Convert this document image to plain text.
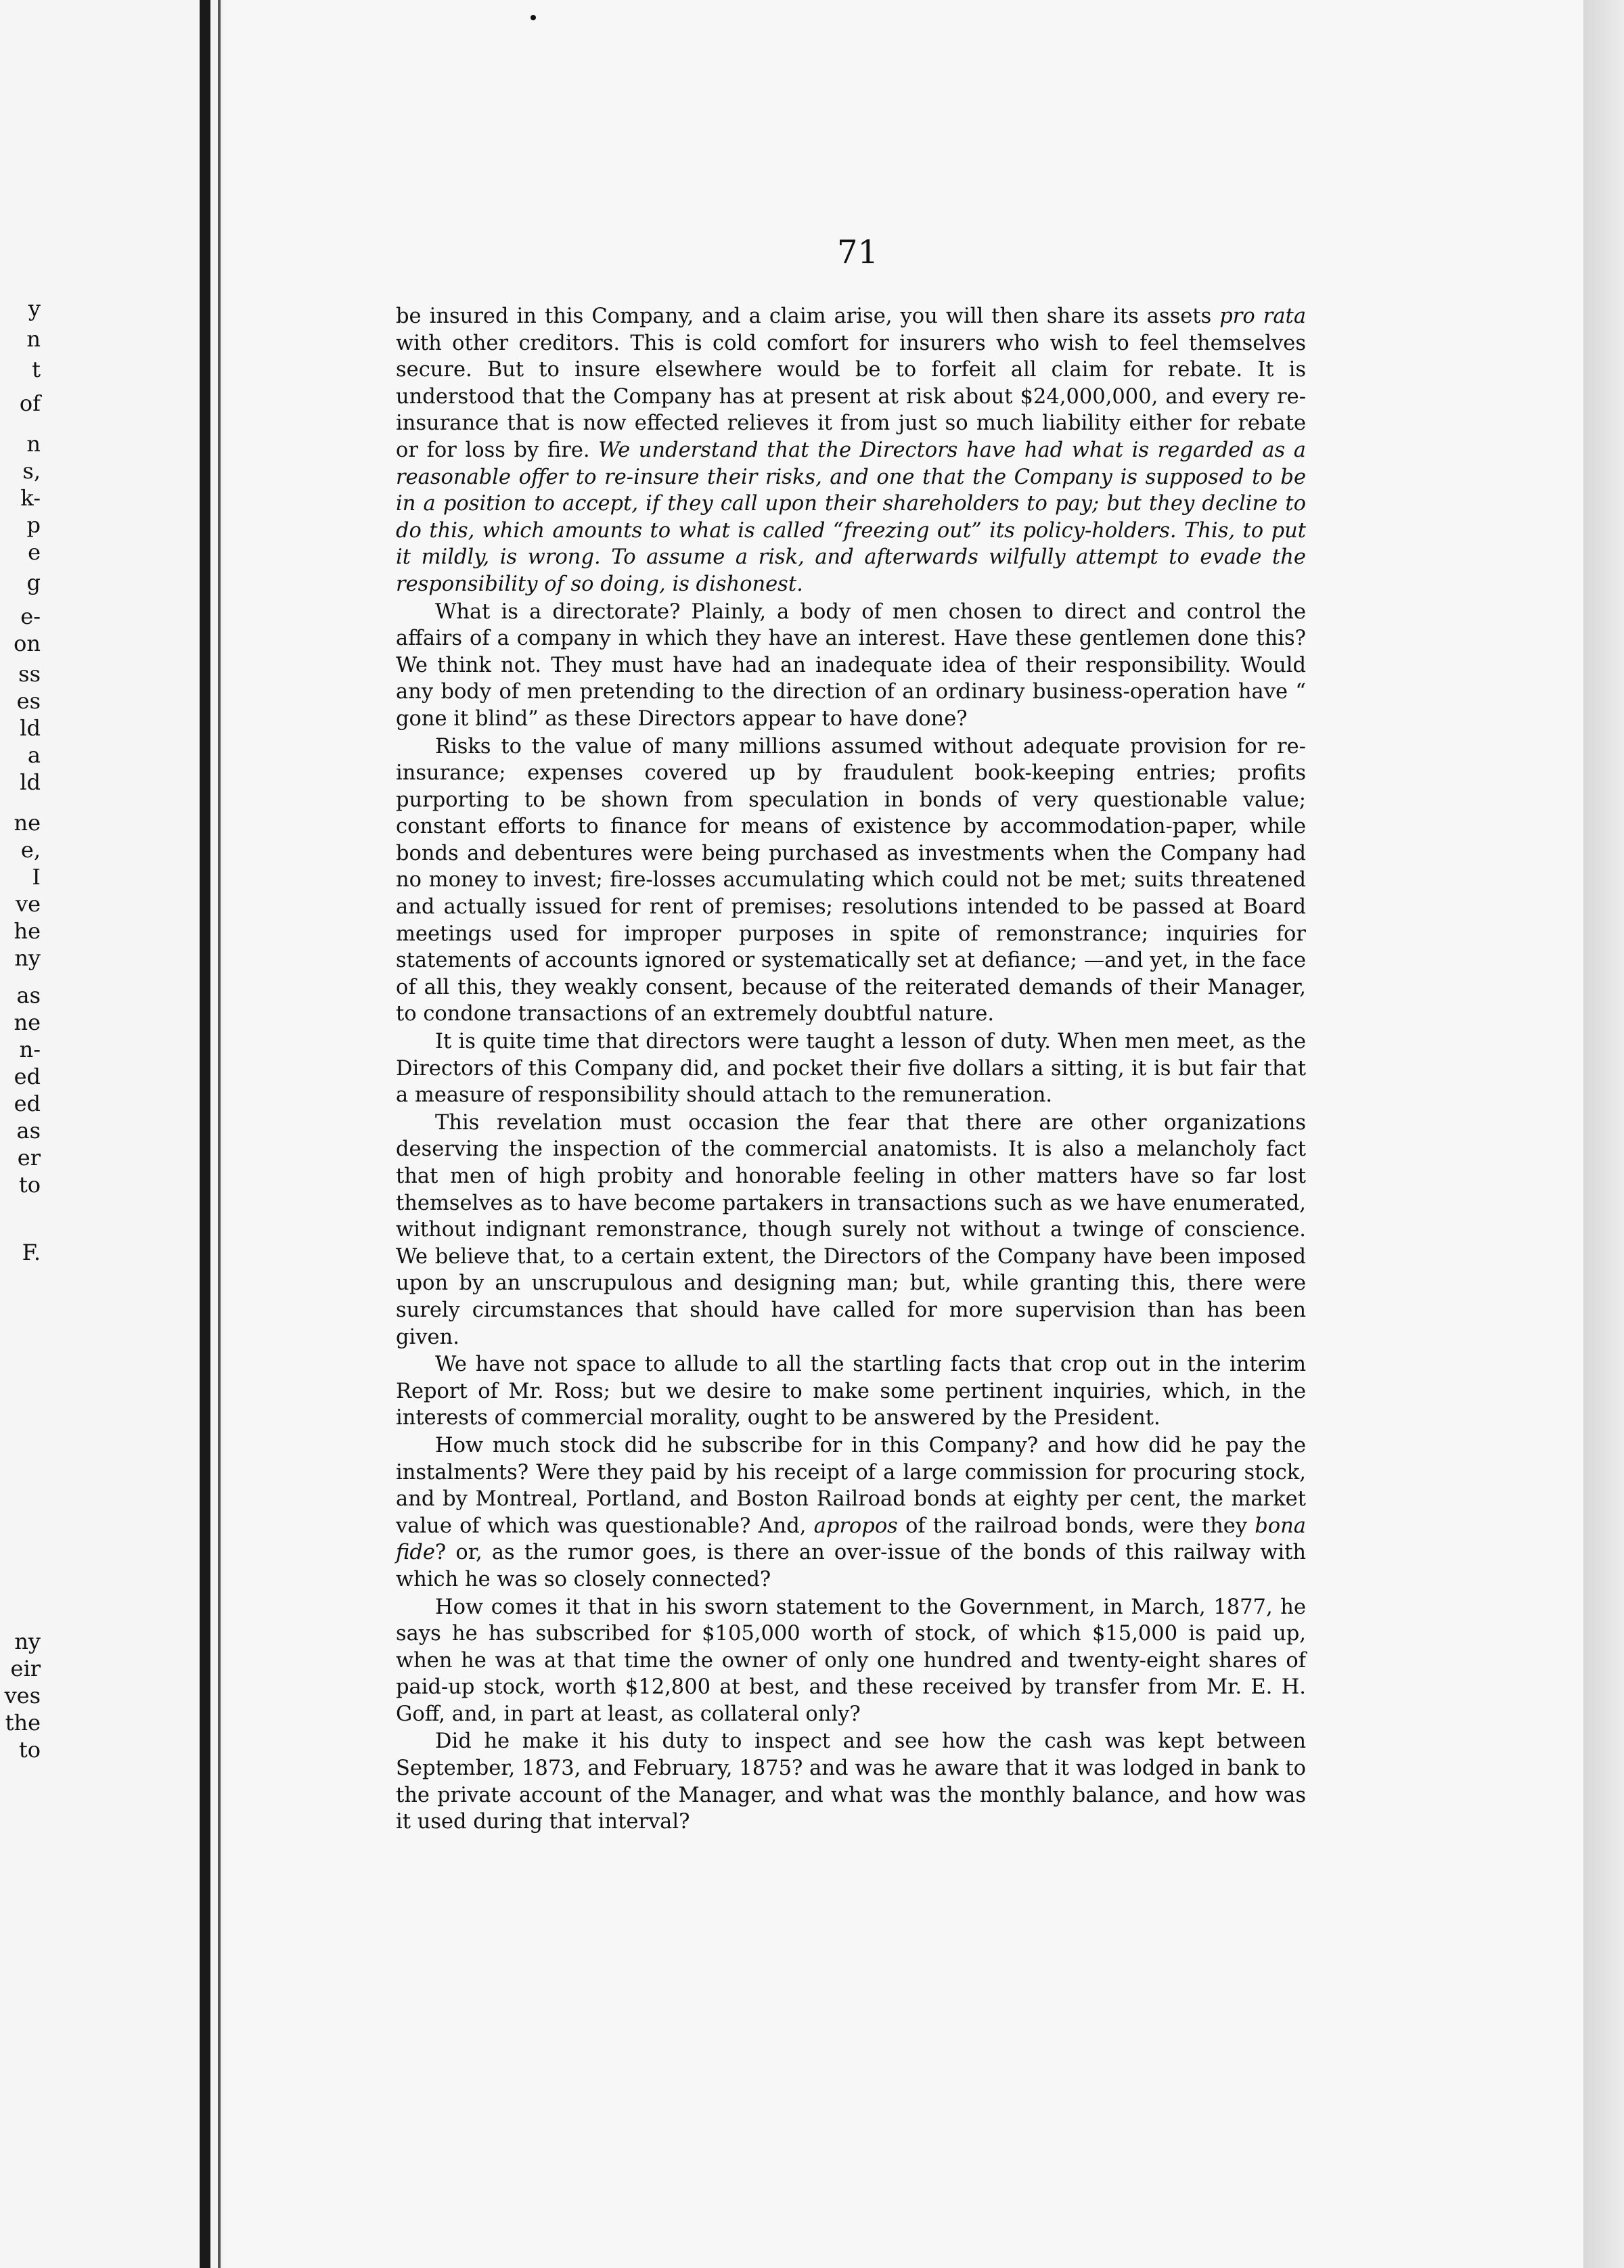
y
n
t
of
n
s,
k-
p
e
g
e-
on
ss
es
ld
a
ld
ne
e,
I
ve
he
ny
as
ne
n-
ed
ed
as
er
to
F.
ny
eir
ves
the
to
71

be insured in this Company, and a claim arise, you will then share its assets pro rata with other creditors. This is cold comfort for insurers who wish to feel themselves secure. But to insure elsewhere would be to forfeit all claim for rebate. It is understood that the Company has at present at risk about $24,000,000, and every re-insurance that is now effected relieves it from just so much liability either for rebate or for loss by fire. We understand that the Directors have had what is regarded as a reasonable offer to re-insure their risks, and one that the Company is supposed to be in a position to accept, if they call upon their shareholders to pay; but they decline to do this, which amounts to what is called “freezing out” its policy-holders. This, to put it mildly, is wrong. To assume a risk, and afterwards wilfully attempt to evade the responsibility of so doing, is dishonest.

What is a directorate? Plainly, a body of men chosen to direct and control the affairs of a company in which they have an interest. Have these gentlemen done this? We think not. They must have had an inadequate idea of their responsibility. Would any body of men pretending to the direction of an ordinary business-operation have “ gone it blind” as these Directors appear to have done?

Risks to the value of many millions assumed without adequate provision for re-insurance; expenses covered up by fraudulent book-keeping entries; profits purporting to be shown from speculation in bonds of very questionable value; constant efforts to finance for means of existence by accommodation-paper, while bonds and debentures were being purchased as investments when the Company had no money to invest; fire-losses accumulating which could not be met; suits threatened and actually issued for rent of premises; resolutions intended to be passed at Board meetings used for improper purposes in spite of remonstrance; inquiries for statements of accounts ignored or systematically set at defiance; —and yet, in the face of all this, they weakly consent, because of the reiterated demands of their Manager, to condone transactions of an extremely doubtful nature.

It is quite time that directors were taught a lesson of duty. When men meet, as the Directors of this Company did, and pocket their five dollars a sitting, it is but fair that a measure of responsibility should attach to the remuneration.

This revelation must occasion the fear that there are other organizations deserving the inspection of the commercial anatomists. It is also a melancholy fact that men of high probity and honorable feeling in other matters have so far lost themselves as to have become partakers in transactions such as we have enumerated, without indignant remonstrance, though surely not without a twinge of conscience. We believe that, to a certain extent, the Directors of the Company have been imposed upon by an unscrupulous and designing man; but, while granting this, there were surely circumstances that should have called for more supervision than has been given.

We have not space to allude to all the startling facts that crop out in the interim Report of Mr. Ross; but we desire to make some pertinent inquiries, which, in the interests of commercial morality, ought to be answered by the President.

How much stock did he subscribe for in this Company? and how did he pay the instalments? Were they paid by his receipt of a large commission for procuring stock, and by Montreal, Portland, and Boston Railroad bonds at eighty per cent, the market value of which was questionable? And, apropos of the railroad bonds, were they bona fide? or, as the rumor goes, is there an over-issue of the bonds of this railway with which he was so closely connected?

How comes it that in his sworn statement to the Government, in March, 1877, he says he has subscribed for $105,000 worth of stock, of which $15,000 is paid up, when he was at that time the owner of only one hundred and twenty-eight shares of paid-up stock, worth $12,800 at best, and these received by transfer from Mr. E. H. Goff, and, in part at least, as collateral only?

Did he make it his duty to inspect and see how the cash was kept between September, 1873, and February, 1875? and was he aware that it was lodged in bank to the private account of the Manager, and what was the monthly balance, and how was it used during that interval?
